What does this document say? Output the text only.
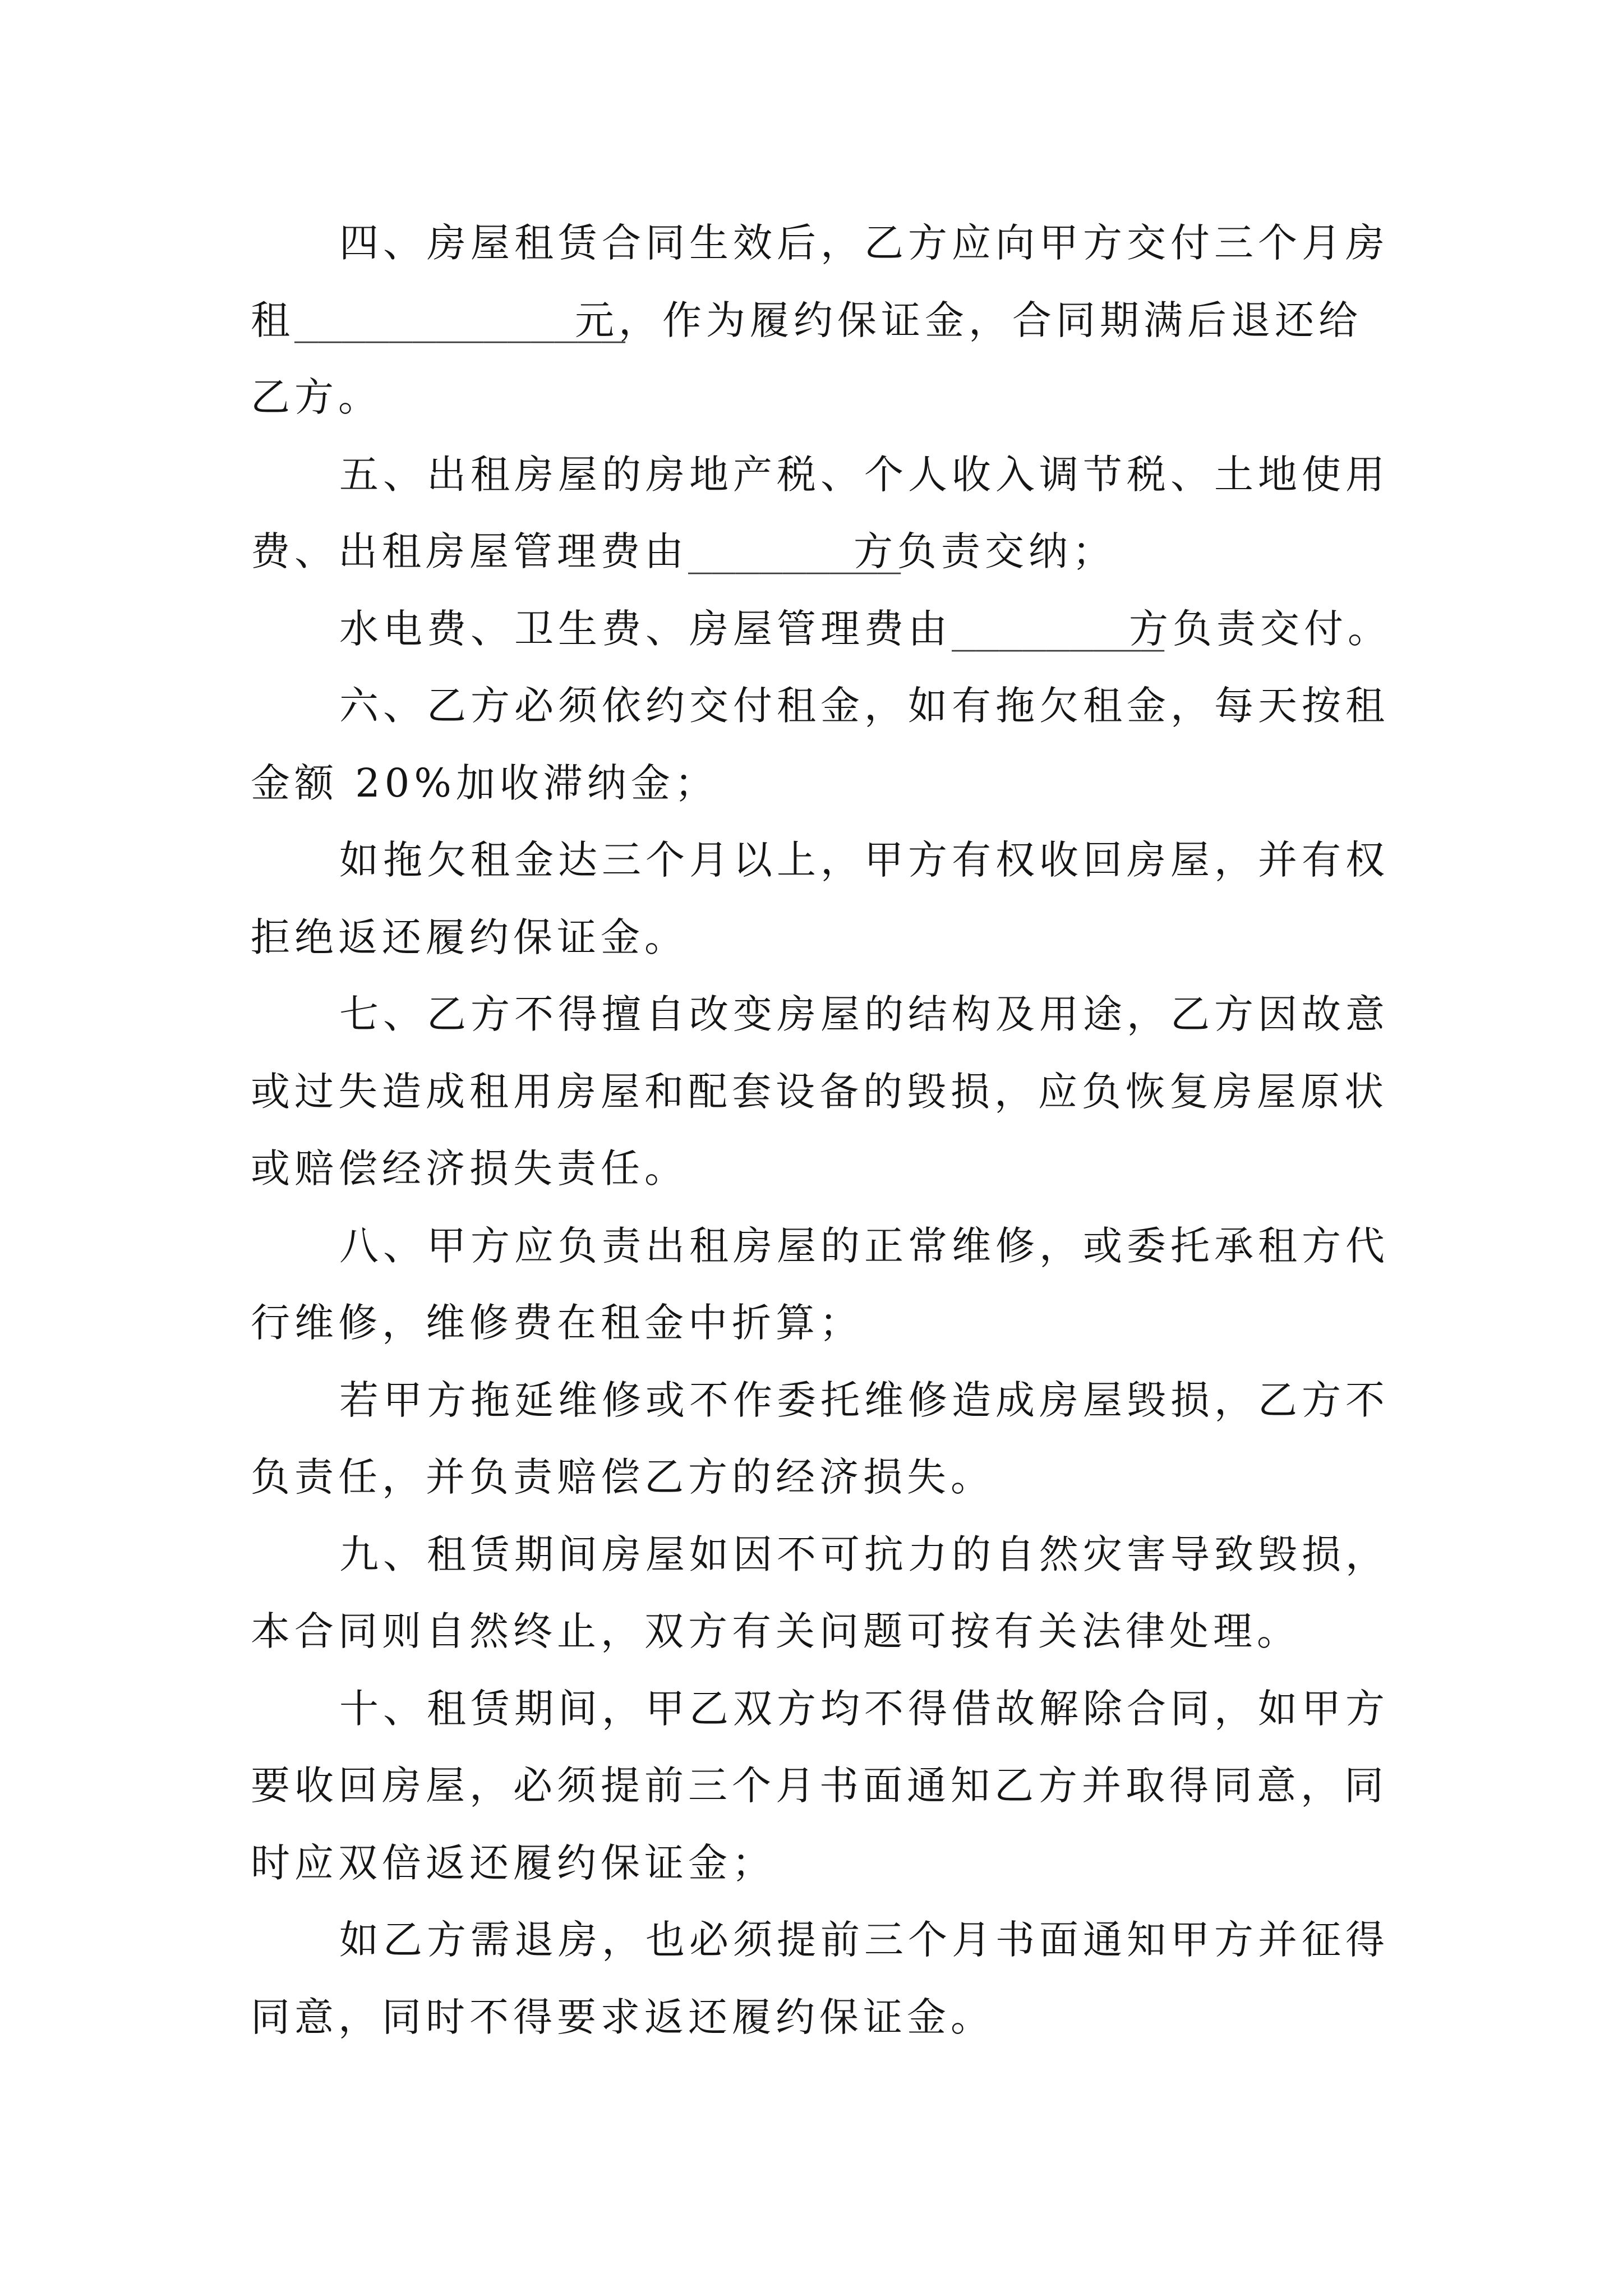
四、房屋租赁合同生效后，乙方应向甲方交付三个月房
租______________元，作为履约保证金，合同期满后退还给
乙方。
五、出租房屋的房地产税、个人收入调节税、土地使用
费、出租房屋管理费由_________方负责交纳；
水电费、卫生费、房屋管理费由_________方负责交付。
六、乙方必须依约交付租金，如有拖欠租金，每天按租
金额 20%加收滞纳金；
如拖欠租金达三个月以上，甲方有权收回房屋，并有权
拒绝返还履约保证金。
七、乙方不得擅自改变房屋的结构及用途，乙方因故意
或过失造成租用房屋和配套设备的毁损，应负恢复房屋原状
或赔偿经济损失责任。
八、甲方应负责出租房屋的正常维修，或委托承租方代
行维修，维修费在租金中折算；
若甲方拖延维修或不作委托维修造成房屋毁损，乙方不
负责任，并负责赔偿乙方的经济损失。
九、租赁期间房屋如因不可抗力的自然灾害导致毁损，
本合同则自然终止，双方有关问题可按有关法律处理。
十、租赁期间，甲乙双方均不得借故解除合同，如甲方
要收回房屋，必须提前三个月书面通知乙方并取得同意，同
时应双倍返还履约保证金；
如乙方需退房，也必须提前三个月书面通知甲方并征得
同意，同时不得要求返还履约保证金。
